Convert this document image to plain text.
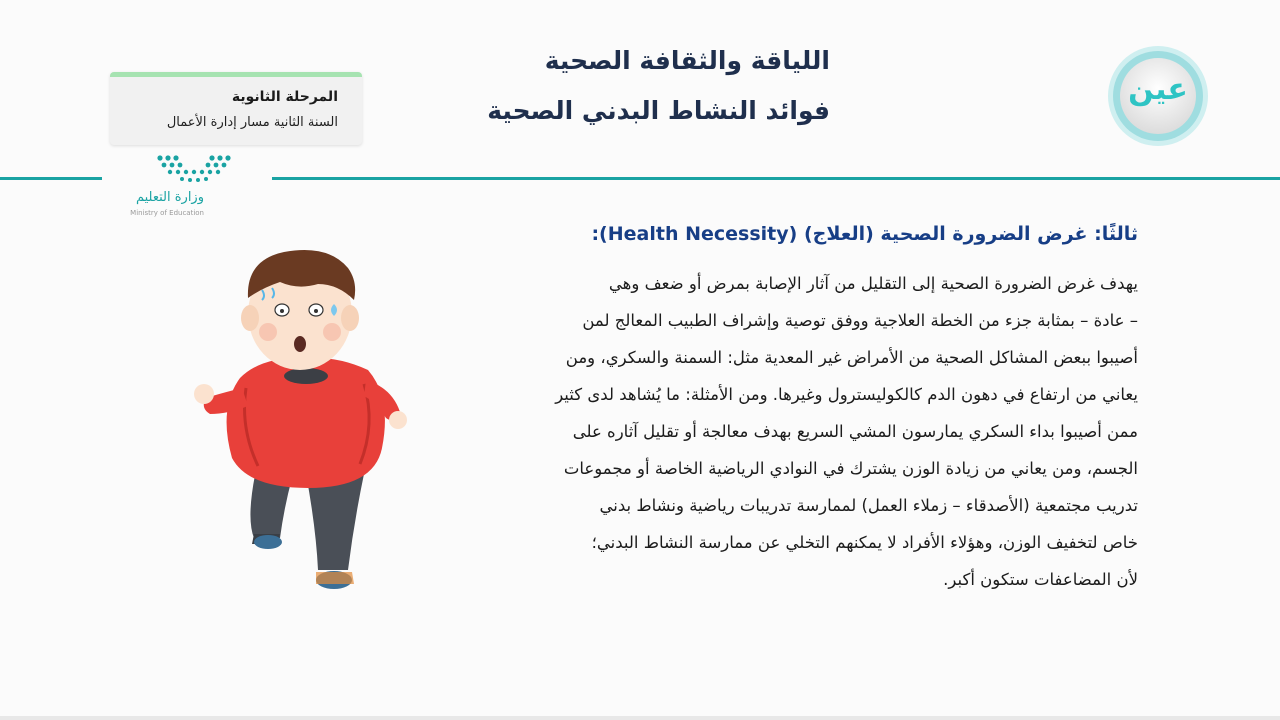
اللياقة والثقافة الصحية
فوائد النشاط البدني الصحية
المرحلة الثانوية
السنة الثانية مسار إدارة الأعمال
وزارة التعليم
Ministry of Education
عين
ثالثًا: غرض الضرورة الصحية (العلاج) (Health Necessity):
يهدف غرض الضرورة الصحية إلى التقليل من آثار الإصابة بمرض أو ضعف وهي
– عادة – بمثابة جزء من الخطة العلاجية ووفق توصية وإشراف الطبيب المعالج لمن
أصيبوا ببعض المشاكل الصحية من الأمراض غير المعدية مثل: السمنة والسكري، ومن
يعاني من ارتفاع في دهون الدم كالكوليسترول وغيرها. ومن الأمثلة: ما يُشاهد لدى كثير
ممن أصيبوا بداء السكري يمارسون المشي السريع بهدف معالجة أو تقليل آثاره على
الجسم، ومن يعاني من زيادة الوزن يشترك في النوادي الرياضية الخاصة أو مجموعات
تدريب مجتمعية (الأصدقاء – زملاء العمل) لممارسة تدريبات رياضية ونشاط بدني
خاص لتخفيف الوزن، وهؤلاء الأفراد لا يمكنهم التخلي عن ممارسة النشاط البدني؛
لأن المضاعفات ستكون أكبر.
